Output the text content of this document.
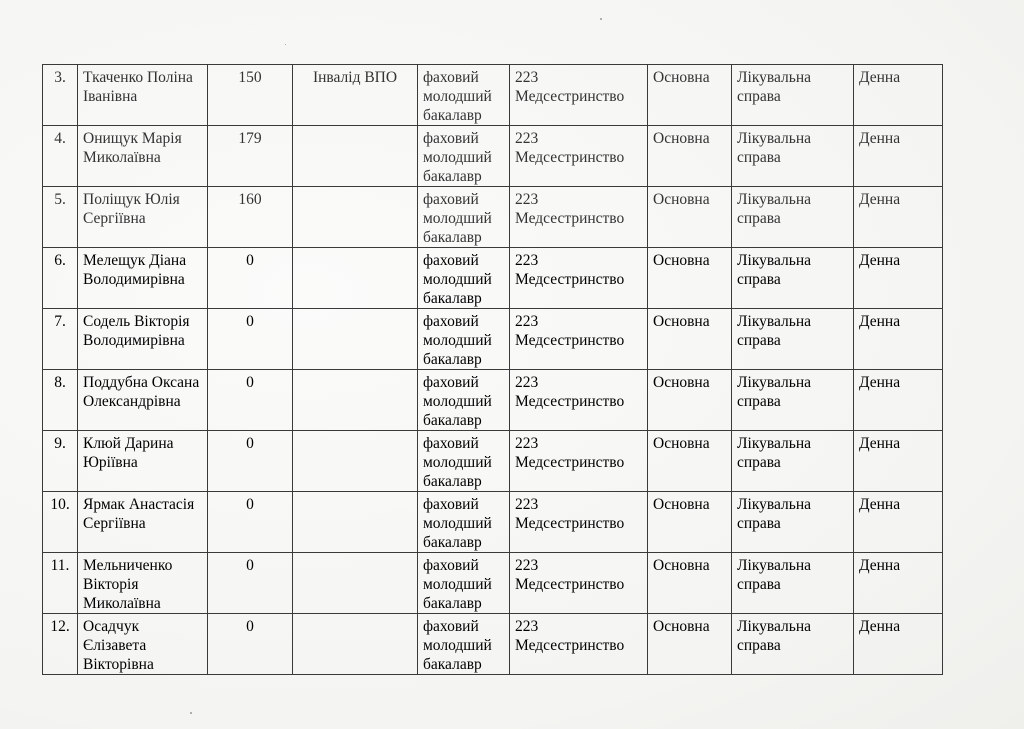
3.	Ткаченко Поліна Іванівна	150	Інвалід ВПО	фаховий молодший бакалавр	223 Медсестринство	Основна	Лікувальна справа	Денна
4.	Онищук Марія Миколаївна	179		фаховий молодший бакалавр	223 Медсестринство	Основна	Лікувальна справа	Денна
5.	Поліщук Юлія Сергіївна	160		фаховий молодший бакалавр	223 Медсестринство	Основна	Лікувальна справа	Денна
6.	Мелещук Діана Володимирівна	0		фаховий молодший бакалавр	223 Медсестринство	Основна	Лікувальна справа	Денна
7.	Содель Вікторія Володимирівна	0		фаховий молодший бакалавр	223 Медсестринство	Основна	Лікувальна справа	Денна
8.	Поддубна Оксана Олександрівна	0		фаховий молодший бакалавр	223 Медсестринство	Основна	Лікувальна справа	Денна
9.	Клюй Дарина Юріївна	0		фаховий молодший бакалавр	223 Медсестринство	Основна	Лікувальна справа	Денна
10.	Ярмак Анастасія Сергіївна	0		фаховий молодший бакалавр	223 Медсестринство	Основна	Лікувальна справа	Денна
11.	Мельниченко Вікторія Миколаївна	0		фаховий молодший бакалавр	223 Медсестринство	Основна	Лікувальна справа	Денна
12.	Осадчук Єлізавета Вікторівна	0		фаховий молодший бакалавр	223 Медсестринство	Основна	Лікувальна справа	Денна
